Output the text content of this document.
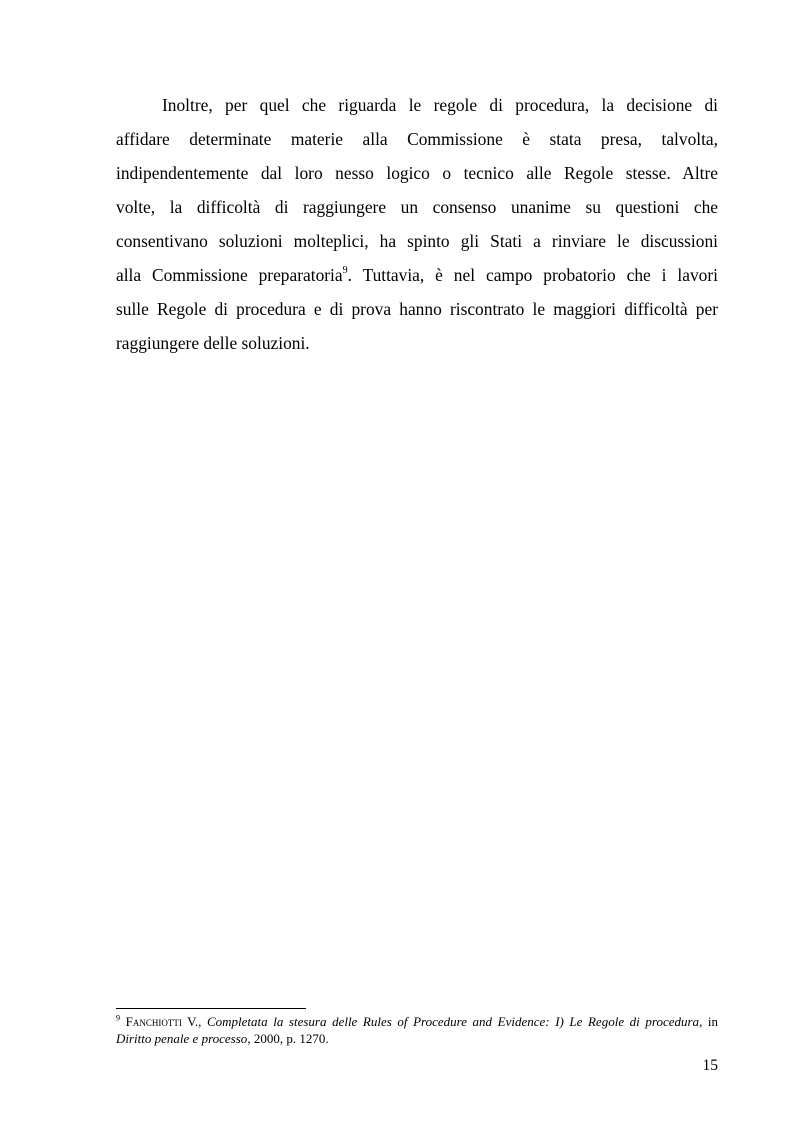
Inoltre, per quel che riguarda le regole di procedura, la decisione di
affidare determinate materie alla Commissione è stata presa, talvolta,
indipendentemente dal loro nesso logico o tecnico alle Regole stesse. Altre
volte, la difficoltà di raggiungere un consenso unanime su questioni che
consentivano soluzioni molteplici, ha spinto gli Stati a rinviare le discussioni
alla Commissione preparatoria$^9$. Tuttavia, è nel campo probatorio che i lavori
sulle Regole di procedura e di prova hanno riscontrato le maggiori difficoltà per
raggiungere delle soluzioni.
$^9$ Fanchiotti V., Completata la stesura delle Rules of Procedure and Evidence: I) Le Regole di procedura, in
Diritto penale e processo, 2000, p. 1270.
15
